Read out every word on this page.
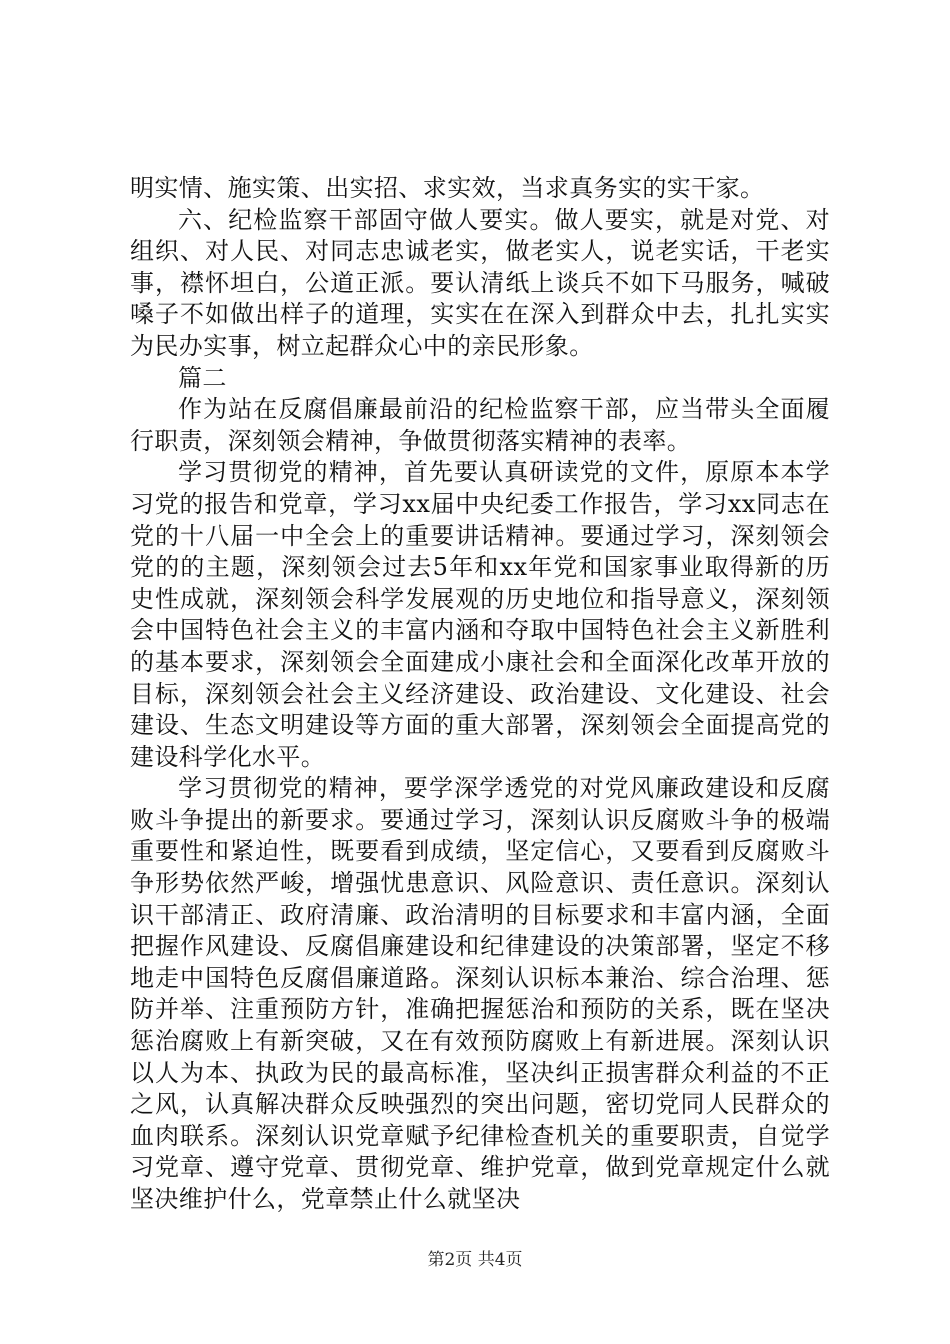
明实情、施实策、出实招、求实效，当求真务实的实干家。

六、纪检监察干部固守做人要实。做人要实，就是对党、对组织、对人民、对同志忠诚老实，做老实人，说老实话，干老实事，襟怀坦白，公道正派。要认清纸上谈兵不如下马服务，喊破嗓子不如做出样子的道理，实实在在深入到群众中去，扎扎实实为民办实事，树立起群众心中的亲民形象。

篇二

作为站在反腐倡廉最前沿的纪检监察干部，应当带头全面履行职责，深刻领会精神，争做贯彻落实精神的表率。

学习贯彻党的精神，首先要认真研读党的文件，原原本本学习党的报告和党章，学习xx届中央纪委工作报告，学习xx同志在党的十八届一中全会上的重要讲话精神。要通过学习，深刻领会党的的主题，深刻领会过去5年和xx年党和国家事业取得新的历史性成就，深刻领会科学发展观的历史地位和指导意义，深刻领会中国特色社会主义的丰富内涵和夺取中国特色社会主义新胜利的基本要求，深刻领会全面建成小康社会和全面深化改革开放的目标，深刻领会社会主义经济建设、政治建设、文化建设、社会建设、生态文明建设等方面的重大部署，深刻领会全面提高党的建设科学化水平。

学习贯彻党的精神，要学深学透党的对党风廉政建设和反腐败斗争提出的新要求。要通过学习，深刻认识反腐败斗争的极端重要性和紧迫性，既要看到成绩，坚定信心，又要看到反腐败斗争形势依然严峻，增强忧患意识、风险意识、责任意识。深刻认识干部清正、政府清廉、政治清明的目标要求和丰富内涵，全面把握作风建设、反腐倡廉建设和纪律建设的决策部署，坚定不移地走中国特色反腐倡廉道路。深刻认识标本兼治、综合治理、惩防并举、注重预防方针，准确把握惩治和预防的关系，既在坚决惩治腐败上有新突破，又在有效预防腐败上有新进展。深刻认识以人为本、执政为民的最高标准，坚决纠正损害群众利益的不正之风，认真解决群众反映强烈的突出问题，密切党同人民群众的血肉联系。深刻认识党章赋予纪律检查机关的重要职责，自觉学习党章、遵守党章、贯彻党章、维护党章，做到党章规定什么就坚决维护什么，党章禁止什么就坚决

第2页 共4页
